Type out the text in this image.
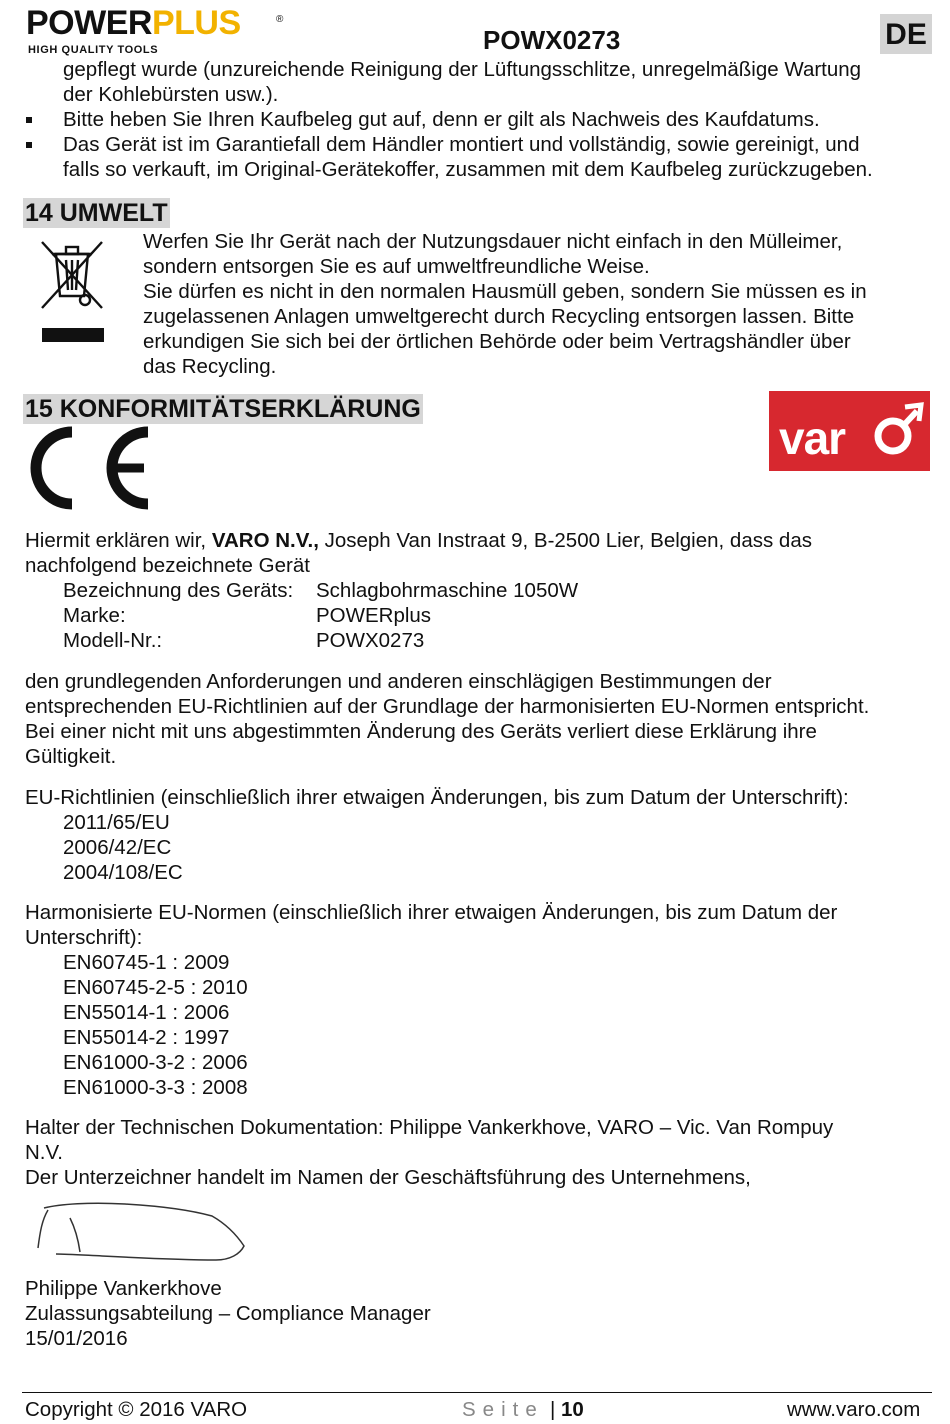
POWERPLUS	®
HIGH QUALITY TOOLS	POWX0273	DE
gepflegt wurde (unzureichende Reinigung der Lüftungsschlitze, unregelmäßige Wartung
der Kohlebürsten usw.).
Bitte heben Sie Ihren Kaufbeleg gut auf, denn er gilt als Nachweis des Kaufdatums.
Das Gerät ist im Garantiefall dem Händler montiert und vollständig, sowie gereinigt, und
falls so verkauft, im Original-Gerätekoffer, zusammen mit dem Kaufbeleg zurückzugeben.
14 UMWELT
Werfen Sie Ihr Gerät nach der Nutzungsdauer nicht einfach in den Mülleimer,
sondern entsorgen Sie es auf umweltfreundliche Weise.
Sie dürfen es nicht in den normalen Hausmüll geben, sondern Sie müssen es in
zugelassenen Anlagen umweltgerecht durch Recycling entsorgen lassen. Bitte
erkundigen Sie sich bei der örtlichen Behörde oder beim Vertragshändler über
das Recycling.
15 KONFORMITÄTSERKLÄRUNG
var
Hiermit erklären wir, VARO N.V., Joseph Van Instraat 9, B-2500 Lier, Belgien, dass das
nachfolgend bezeichnete Gerät
Bezeichnung des Geräts: Schlagbohrmaschine 1050W
Marke:	POWERplus
Modell-Nr.:	POWX0273
den grundlegenden Anforderungen und anderen einschlägigen Bestimmungen der
entsprechenden EU-Richtlinien auf der Grundlage der harmonisierten EU-Normen entspricht.
Bei einer nicht mit uns abgestimmten Änderung des Geräts verliert diese Erklärung ihre
Gültigkeit.
EU-Richtlinien (einschließlich ihrer etwaigen Änderungen, bis zum Datum der Unterschrift):
2011/65/EU
2006/42/EC
2004/108/EC
Harmonisierte EU-Normen (einschließlich ihrer etwaigen Änderungen, bis zum Datum der
Unterschrift):
EN60745-1 : 2009
EN60745-2-5 : 2010
EN55014-1 : 2006
EN55014-2 : 1997
EN61000-3-2 : 2006
EN61000-3-3 : 2008
Halter der Technischen Dokumentation: Philippe Vankerkhove, VARO – Vic. Van Rompuy
N.V.
Der Unterzeichner handelt im Namen der Geschäftsführung des Unternehmens,
Philippe Vankerkhove
Zulassungsabteilung – Compliance Manager
15/01/2016
Copyright © 2016 VARO	Seite | 10	www.varo.com
